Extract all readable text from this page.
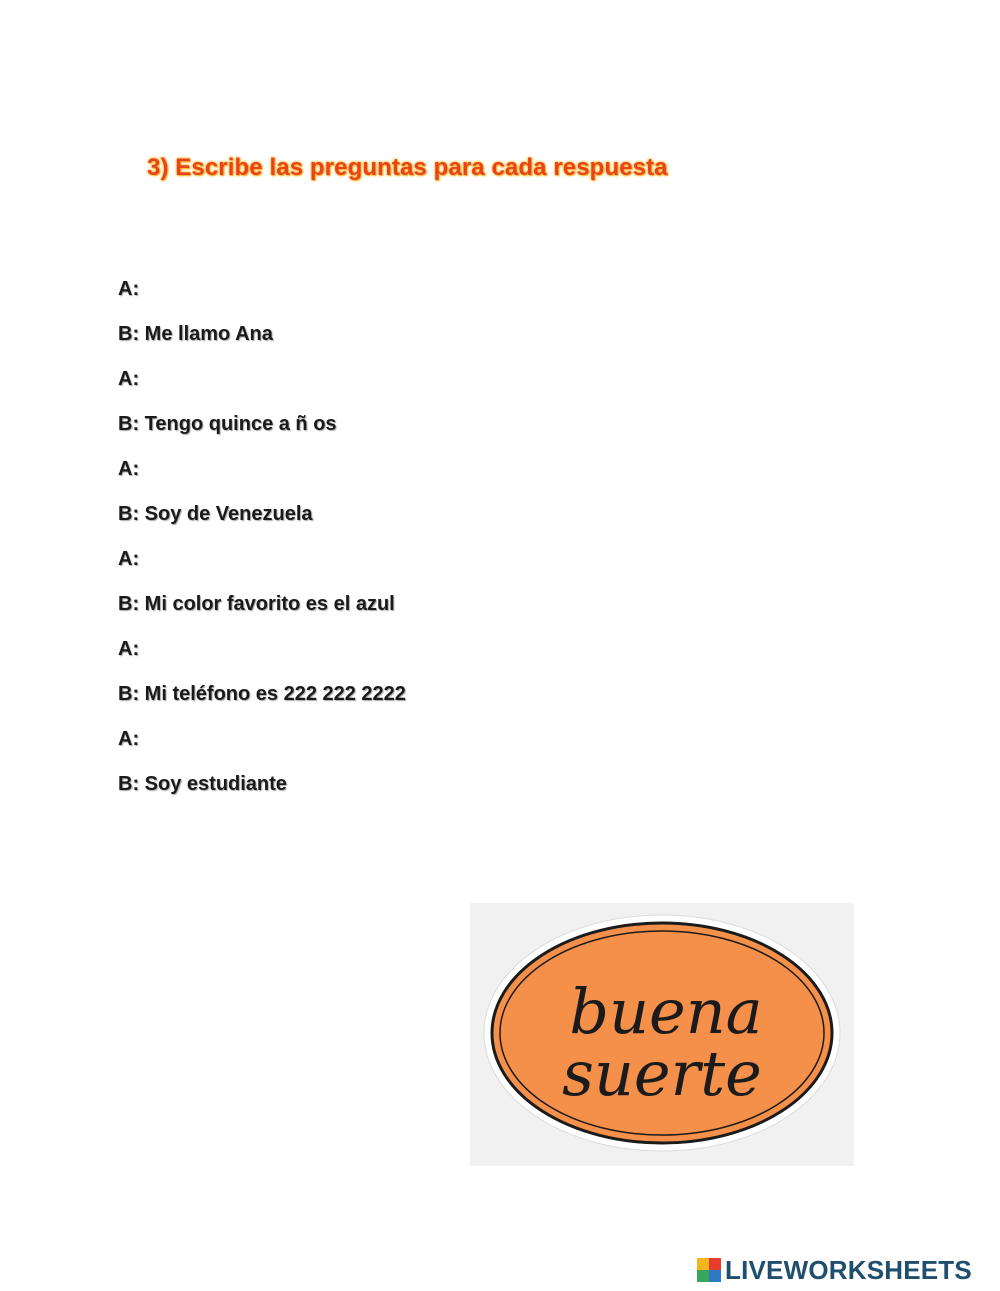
3) Escribe las preguntas para cada respuesta
A:
B: Me llamo Ana
A:
B: Tengo quince a ñ os
A:
B: Soy de Venezuela
A:
B: Mi color favorito es el azul
A:
B: Mi teléfono es 222 222 2222
A:
B: Soy estudiante
buena
suerte
LIVEWORKSHEETS
